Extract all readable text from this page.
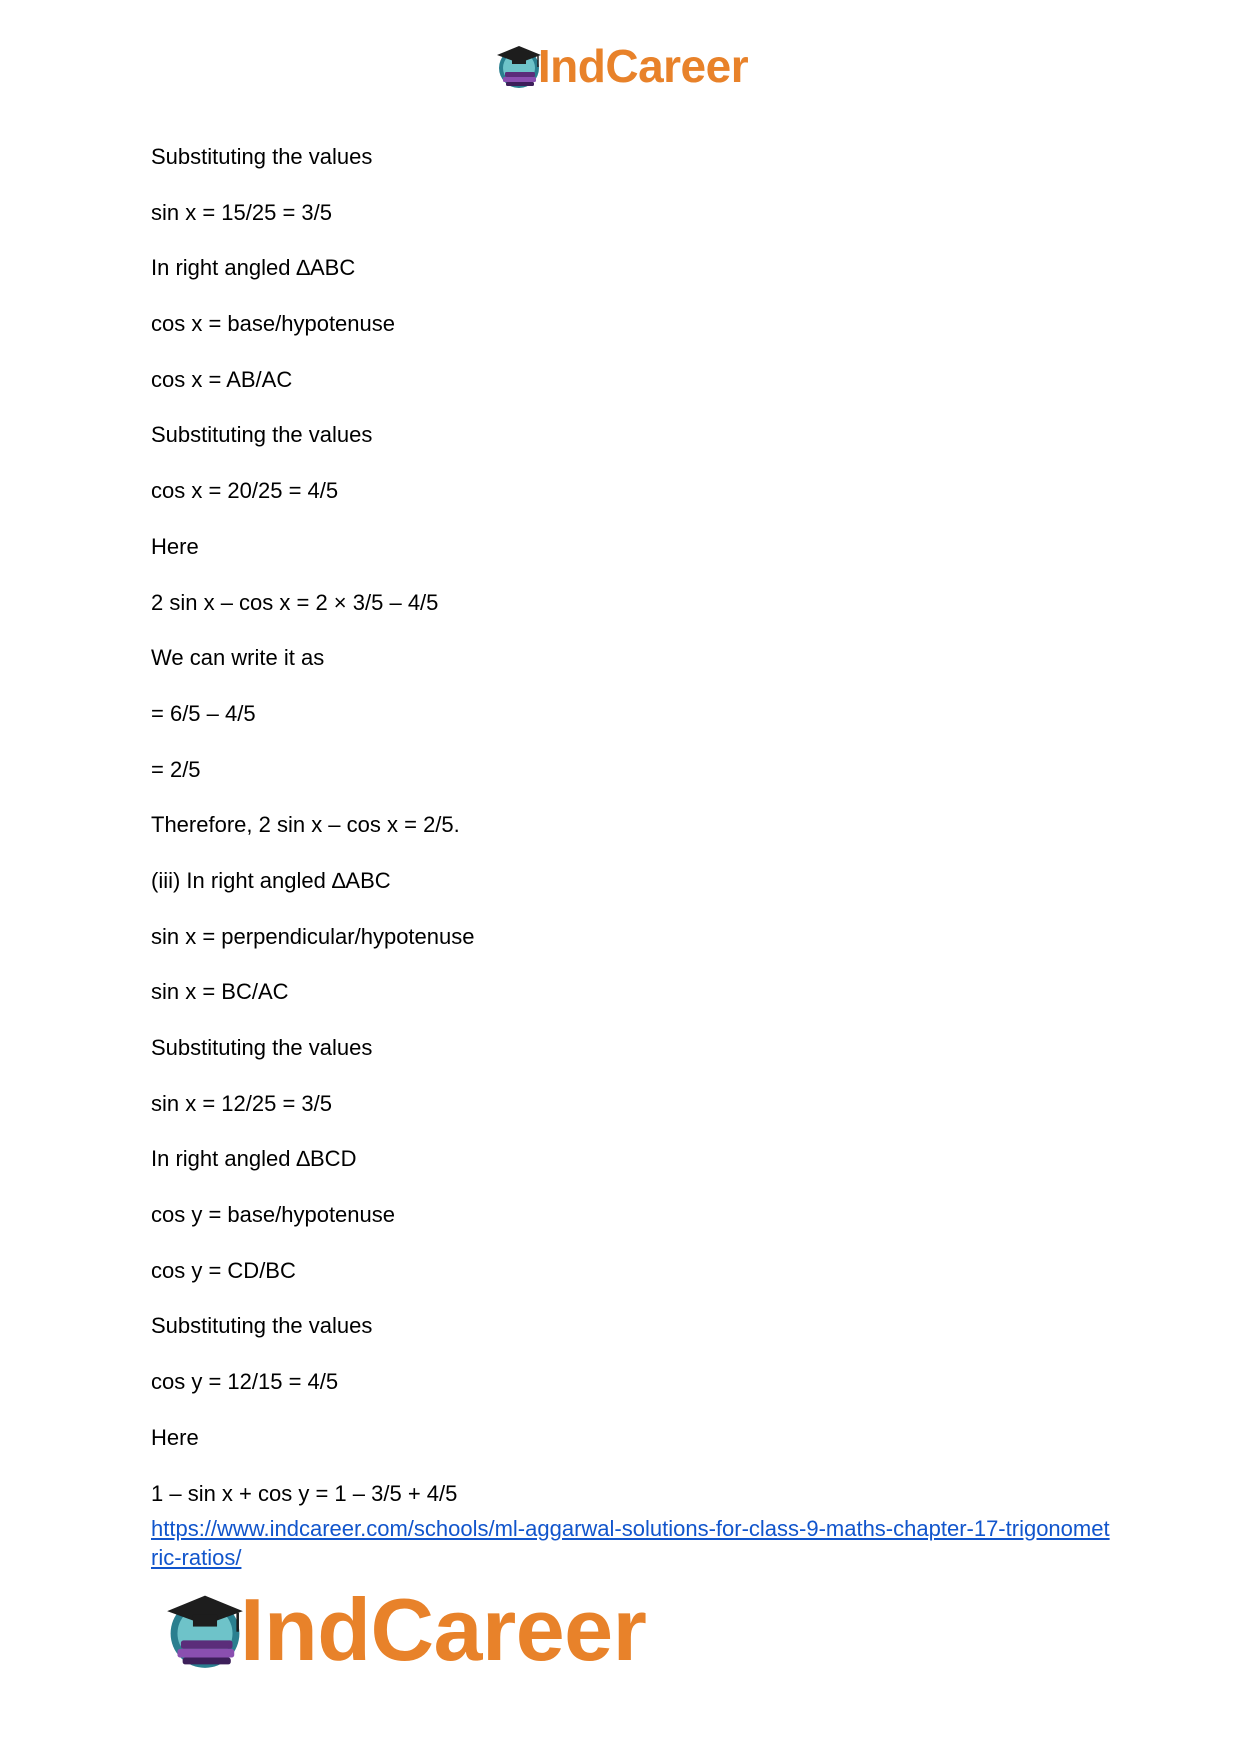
IndCareer
Substituting the values
sin x = 15/25 = 3/5
In right angled ∆ABC
cos x = base/hypotenuse
cos x = AB/AC
Substituting the values
cos x = 20/25 = 4/5
Here
2 sin x – cos x = 2 × 3/5 – 4/5
We can write it as
= 6/5 – 4/5
= 2/5
Therefore, 2 sin x – cos x = 2/5.
(iii) In right angled ∆ABC
sin x = perpendicular/hypotenuse
sin x = BC/AC
Substituting the values
sin x = 12/25 = 3/5
In right angled ∆BCD
cos y = base/hypotenuse
cos y = CD/BC
Substituting the values
cos y = 12/15 = 4/5
Here
1 – sin x + cos y = 1 – 3/5 + 4/5
https://www.indcareer.com/schools/ml-aggarwal-solutions-for-class-9-maths-chapter-17-trigonometric-ratios/
IndCareer
